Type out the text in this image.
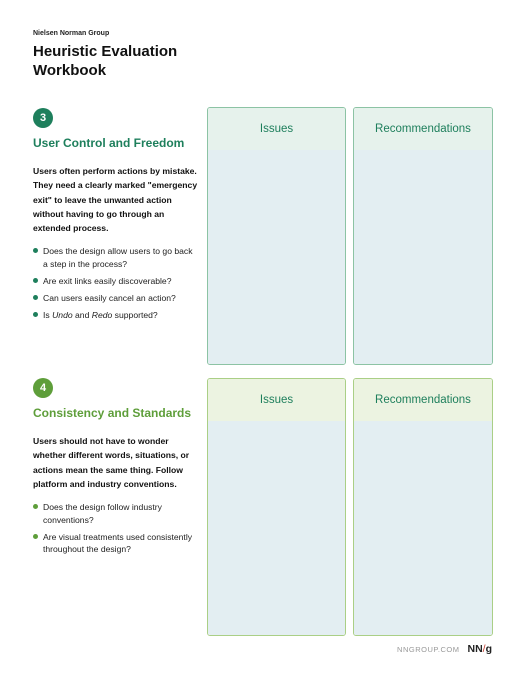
Nielsen Norman Group
Heuristic Evaluation
Workbook
3
User Control and Freedom
Users often perform actions by mistake. They need a clearly marked "emergency exit" to leave the unwanted action without having to go through an extended process.
Does the design allow users to go back a step in the process?
Are exit links easily discoverable?
Can users easily cancel an action?
Is Undo and Redo supported?
Issues	Recommendations
4
Consistency and Standards
Users should not have to wonder whether different words, situations, or actions mean the same thing. Follow platform and industry conventions.
Does the design follow industry conventions?
Are visual treatments used consistently throughout the design?
Issues	Recommendations
NNGROUP.COM NN/g
